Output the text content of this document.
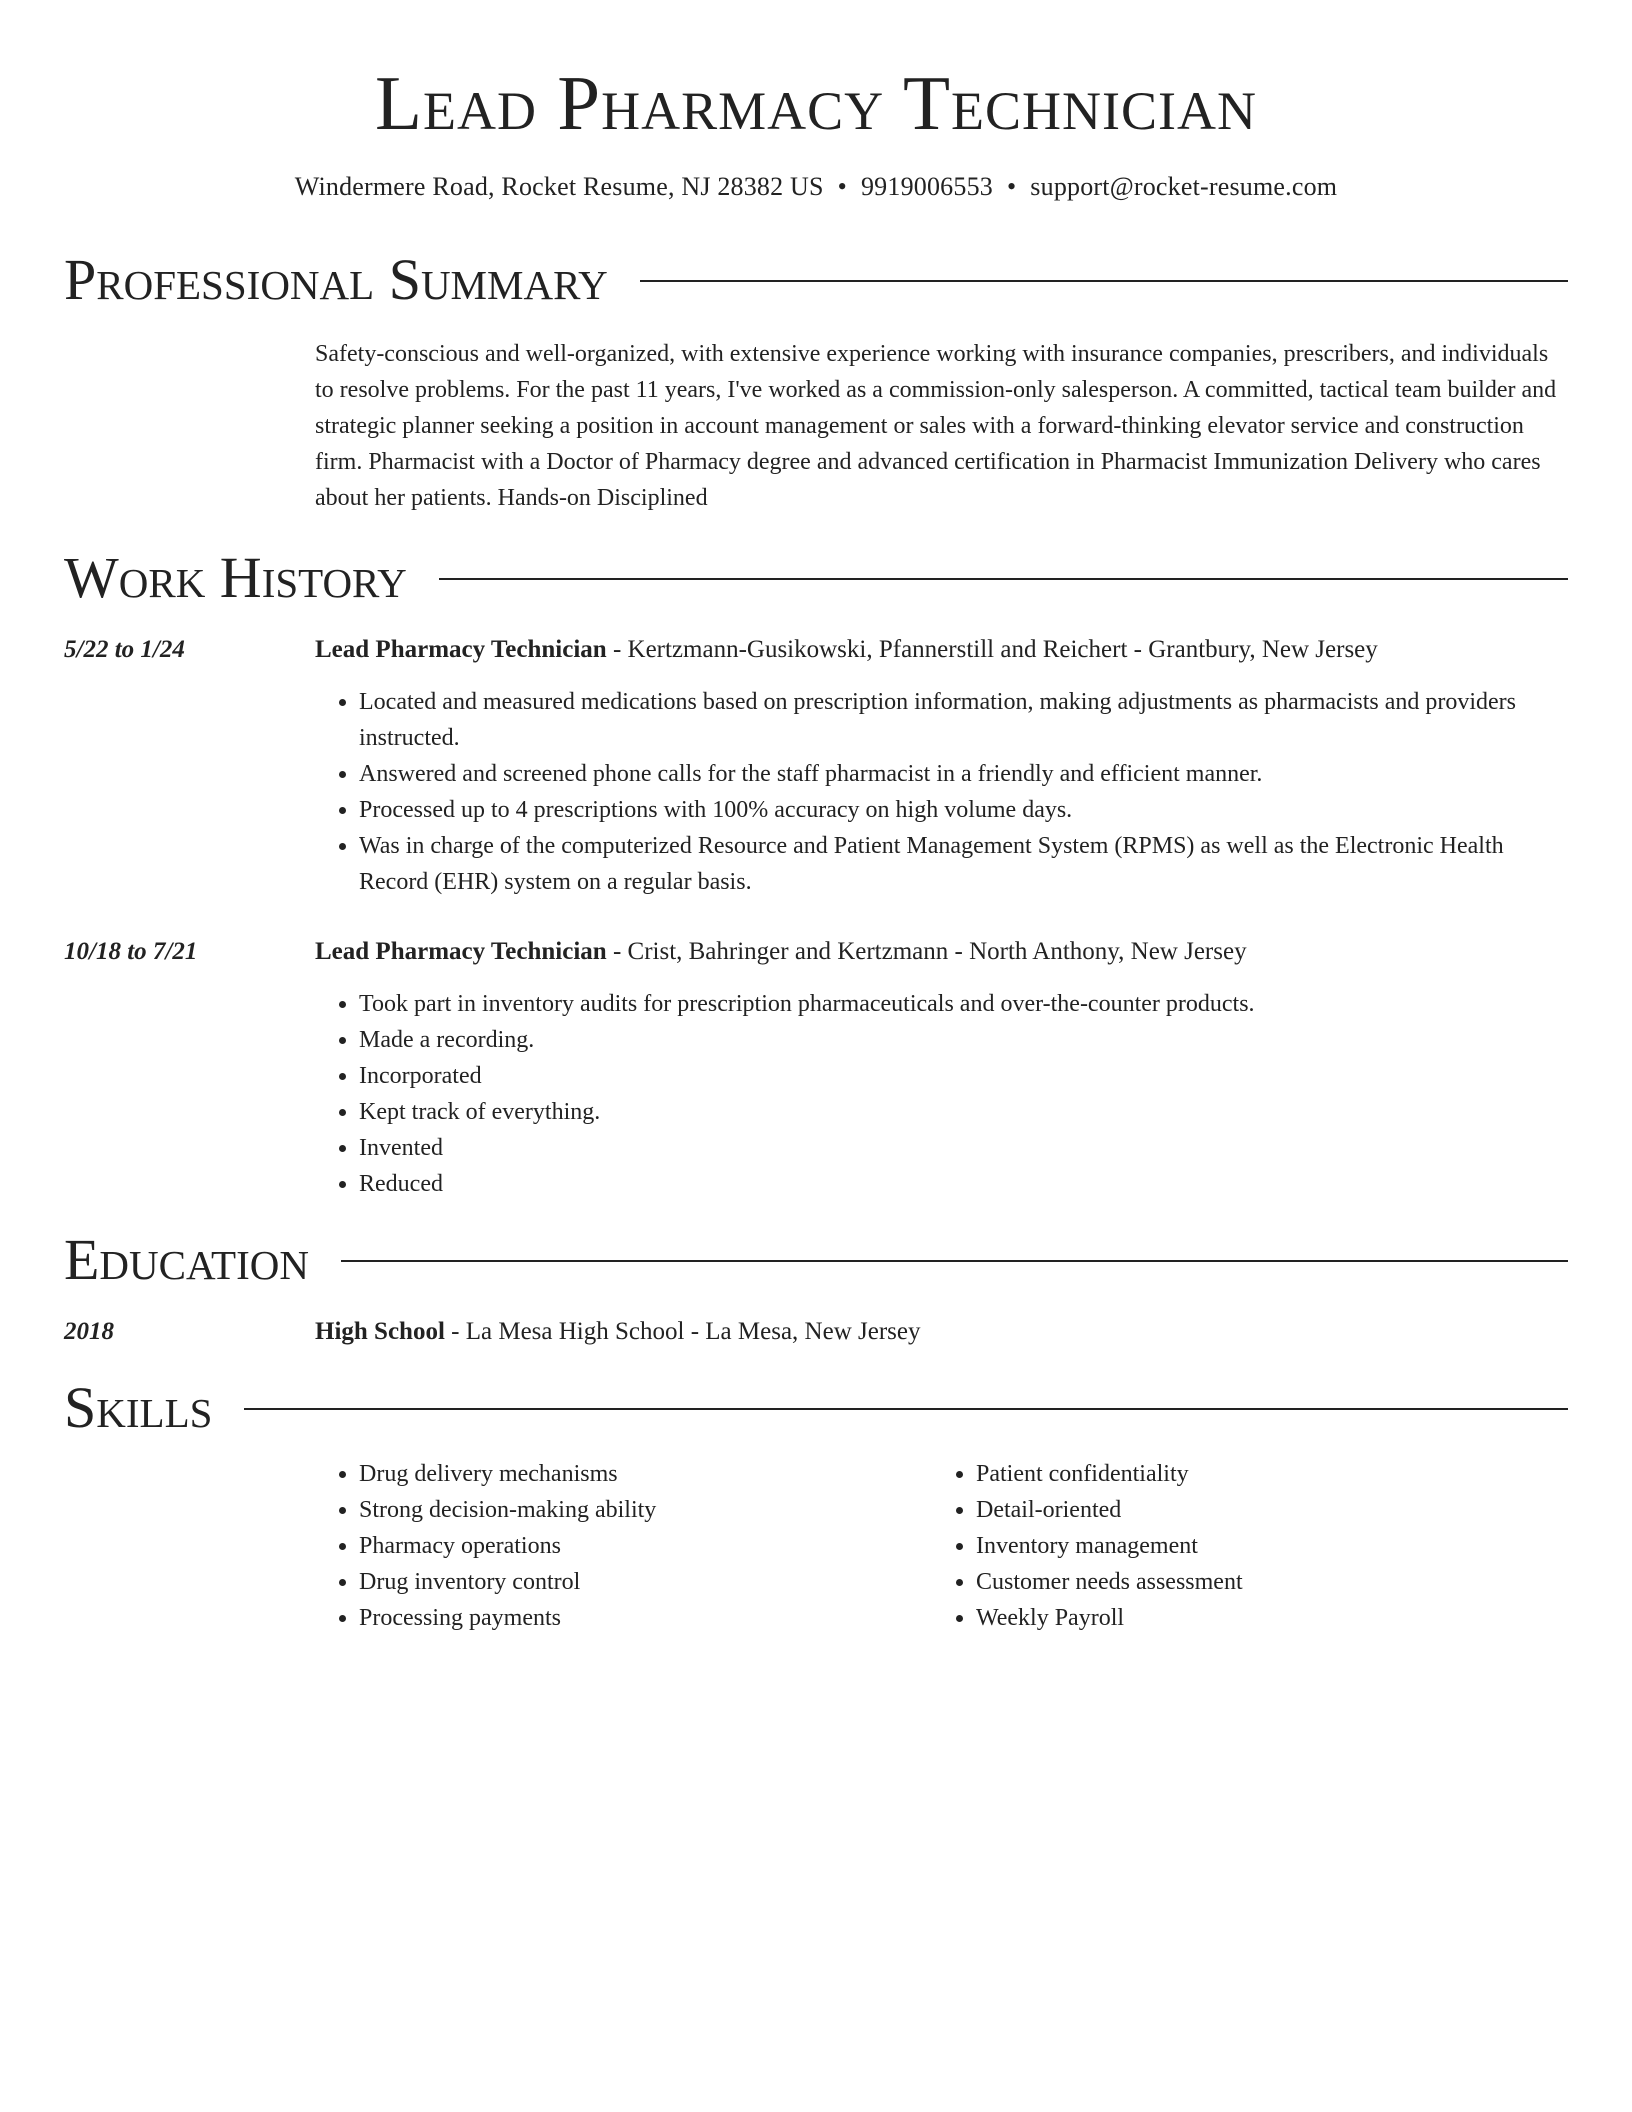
Lead Pharmacy Technician
Windermere Road, Rocket Resume, NJ 28382 US • 9919006553 • support@rocket-resume.com
Professional Summary
Safety-conscious and well-organized, with extensive experience working with insurance companies, prescribers, and individuals to resolve problems. For the past 11 years, I've worked as a commission-only salesperson. A committed, tactical team builder and strategic planner seeking a position in account management or sales with a forward-thinking elevator service and construction firm. Pharmacist with a Doctor of Pharmacy degree and advanced certification in Pharmacist Immunization Delivery who cares about her patients. Hands-on Disciplined
Work History
5/22 to 1/24	Lead Pharmacy Technician - Kertzmann-Gusikowski, Pfannerstill and Reichert - Grantbury, New Jersey
• Located and measured medications based on prescription information, making adjustments as pharmacists and providers instructed.
• Answered and screened phone calls for the staff pharmacist in a friendly and efficient manner.
• Processed up to 4 prescriptions with 100% accuracy on high volume days.
• Was in charge of the computerized Resource and Patient Management System (RPMS) as well as the Electronic Health Record (EHR) system on a regular basis.
10/18 to 7/21	Lead Pharmacy Technician - Crist, Bahringer and Kertzmann - North Anthony, New Jersey
• Took part in inventory audits for prescription pharmaceuticals and over-the-counter products.
• Made a recording.
• Incorporated
• Kept track of everything.
• Invented
• Reduced
Education
2018	High School - La Mesa High School - La Mesa, New Jersey
Skills
• Drug delivery mechanisms
• Strong decision-making ability
• Pharmacy operations
• Drug inventory control
• Processing payments
• Patient confidentiality
• Detail-oriented
• Inventory management
• Customer needs assessment
• Weekly Payroll
